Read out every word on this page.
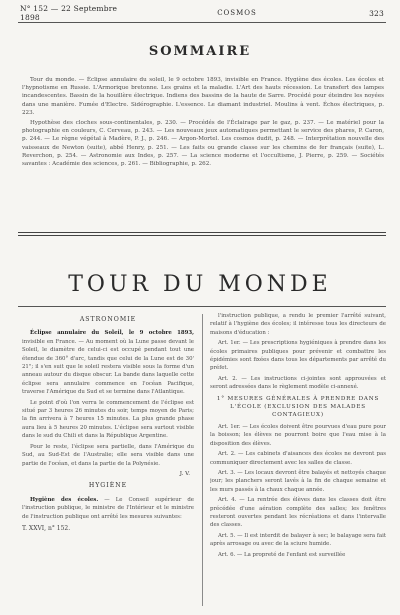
N° 152 — 22 Septembre 1898	COSMOS	323
SOMMAIRE

Tour du monde. — Éclipse annulaire du soleil, le 9 octobre 1893, invisible en France. Hygiène des écoles. Les écoles et l'hypnotisme en Russie. L'Armorique bretonne. Les grains et la maladie. L'Art des hauts récession. Le transfert des lampes incandescentes. Bassin de la houillère électrique. Indiens des bassins de la haute de Sarre. Procédé pour éteindre les noyées dans une manière. Fumée d'Electre. Sidérographie. L'essence. Le diamant industriel. Moulins à vent. Échos électriques, p. 223.

Hypothèse des cloches sous-continentales, p. 230. — Procédés de l'Éclairage par le gaz, p. 237. — Le matériel pour la photographie en couleurs, C. Cerveau, p. 243. — Les nouveaux jeux automatiques permettant le service des phares, P. Caron, p. 244. — Le règne végétal à Madère, P. J., p. 246. — Argon-Mortel. Les cosmos dudit, p. 248. — Interprétation nouvelle des vaisseaux de Newton (suite), abbé Henry, p. 251. — Les faits ou grande classe sur les chemins de fer français (suite), L. Reverchon, p. 254. — Astronomie aux Indes, p. 257. — La science moderne et l'occultisme, J. Pierre, p. 259. — Sociétés savantes : Académie des sciences, p. 261. — Bibliographie, p. 262.

TOUR DU MONDE
ASTRONOMIE

Éclipse annulaire du Soleil, le 9 octobre 1893, invisible en France. — Au moment où la Lune passe devant le Soleil, le diamètre de celui-ci est occupé pendant tout une étendue de 360° d'arc, tandis que celui de la Lune est de 30' 21"; il s'en suit que le soleil restera visible sous la forme d'un anneau autour du disque obscur. La bande dans laquelle cette éclipse sera annulaire commence en l'océan Pacifique, traverse l'Amérique du Sud et se termine dans l'Atlantique.

Le point d'où l'on verra le commencement de l'éclipse est situé par 3 heures 26 minutes du soir, temps moyen de Paris; la fin arrivera à 7 heures 15 minutes. La plus grande phase aura lieu à 5 heures 20 minutes. L'éclipse sera surtout visible dans le sud du Chili et dans la République Argentine.

Pour le reste, l'éclipse sera partielle, dans l'Amérique du Sud, au Sud-Est de l'Australie; elle sera visible dans une partie de l'océan, et dans la partie de la Polynésie.

J. V.
HYGIÈNE

Hygiène des écoles. — Le Conseil supérieur de l'instruction publique, le ministre de l'Intérieur et le ministre de l'instruction publique ont arrêté les mesures suivantes:

T. XXVI, n° 152.

l'instruction publique, a rendu le premier l'arrêté suivant, relatif à l'hygiène des écoles; il intéresse tous les directeurs de maisons d'éducation :

Art. 1er. — Les prescriptions hygiéniques à prendre dans les écoles primaires publiques pour prévenir et combattre les épidémies sont fixées dans tous les départements par arrêté du préfet.

Art. 2. — Les instructions ci-jointes sont approuvées et seront adressées dans le règlement modèle ci-annexé.

1° MESURES GÉNÉRALES À PRENDRE DANS L'ÉCOLE (EXCLUSION DES MALADES CONTAGIEUX)

Art. 1er. — Les écoles doivent être pourvues d'eau pure pour la boisson; les élèves ne pourront boire que l'eau mise à la disposition des élèves.

Art. 2. — Les cabinets d'aisances des écoles ne devront pas communiquer directement avec les salles de classe.

Art. 3. — Les locaux devront être balayés et nettoyés chaque jour; les planchers seront lavés à la fin de chaque semaine et les murs passés à la chaux chaque année.

Art. 4. — La rentrée des élèves dans les classes doit être précédée d'une aération complète des salles; les fenêtres resteront ouvertes pendant les récréations et dans l'intervalle des classes.

Art. 5. — Il est interdit de balayer à sec; le balayage sera fait après arrosage ou avec de la sciure humide.

Art. 6. — La propreté de l'enfant est surveillée
